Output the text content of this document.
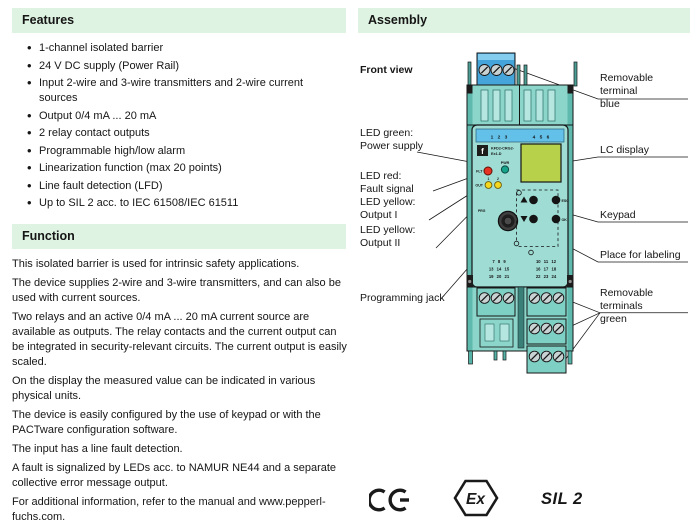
Features
• 1-channel isolated barrier
• 24 V DC supply (Power Rail)
• Input 2-wire and 3-wire transmitters and 2-wire current sources
• Output 0/4 mA ... 20 mA
• 2 relay contact outputs
• Programmable high/low alarm
• Linearization function (max 20 points)
• Line fault detection (LFD)
• Up to SIL 2 acc. to IEC 61508/IEC 61511
Function

This isolated barrier is used for intrinsic safety applications.

The device supplies 2-wire and 3-wire transmitters, and can also be used with current sources.

Two relays and an active 0/4 mA ... 20 mA current source are available as outputs. The relay contacts and the current output can be integrated in security-relevant circuits. The current output is easily scaled.

On the display the measured value can be indicated in various physical units.

The device is easily configured by the use of keypad or with the PACTware configuration software.

The input has a line fault detection.

A fault is signalized by LEDs acc. to NAMUR NE44 and a separate collective error message output.

For additional information, refer to the manual and www.pepperl-fuchs.com.

Assembly
Front view
LED green:
Power supply
LED red:
Fault signal
LED yellow:
Output I
LED yellow:
Output II
Programming jack
Removable terminal
blue
LC display
Keypad
Place for labeling
Removable terminals
green
1 2 3	4 5 6
f KFD2-CRG2-
Ex1.D
PWR
FLT
1 2
OUT
ESC
OK
PRG
7 8 9
13 14 15
19 20 21
10 11 12
16 17 18
22 23 24
Ex	SIL 2
